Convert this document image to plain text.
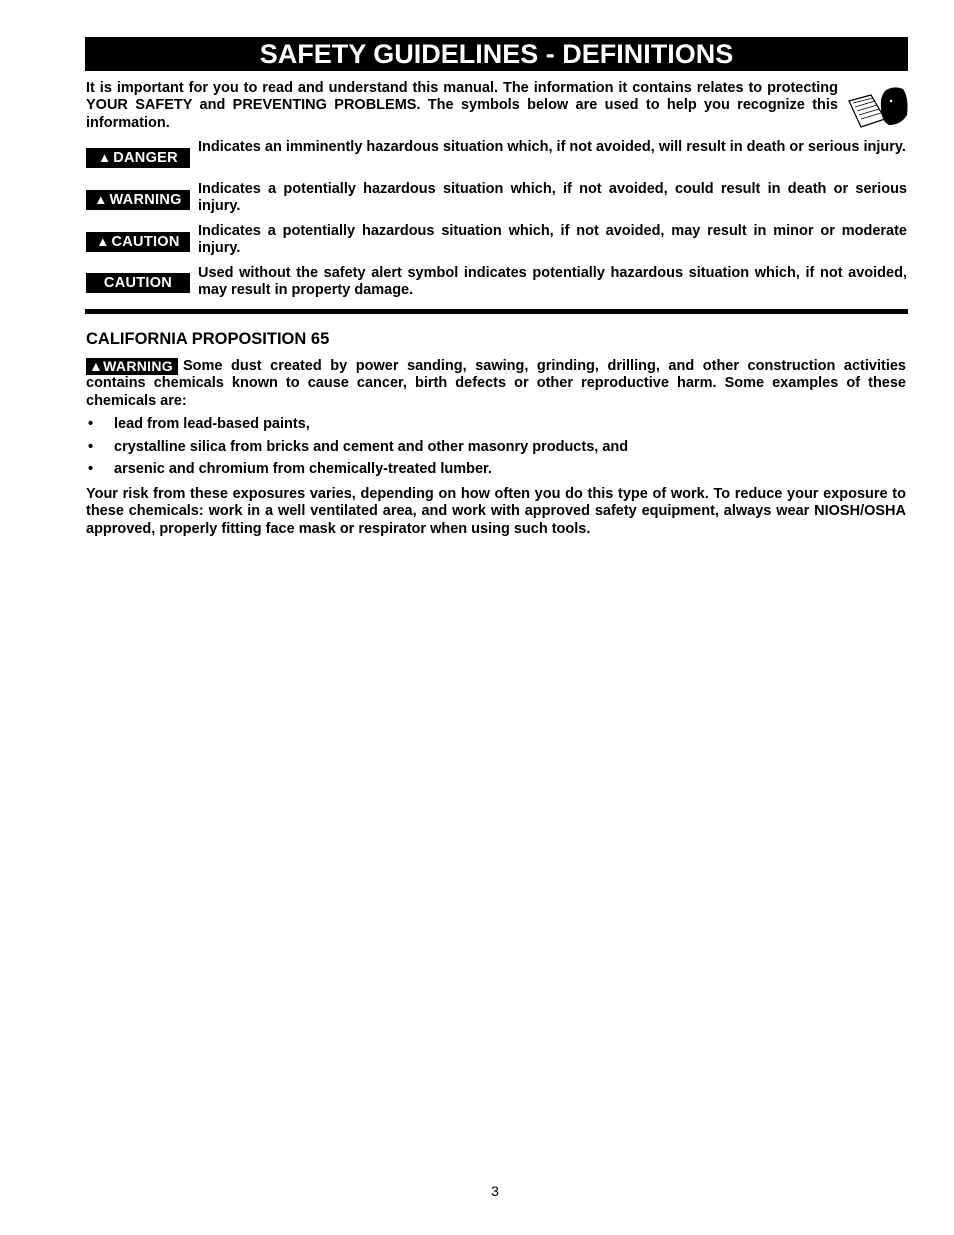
SAFETY GUIDELINES - DEFINITIONS
It is important for you to read and understand this manual. The information it contains relates to protecting YOUR SAFETY and PREVENTING PROBLEMS. The symbols below are used to help you recognize this information.
▲ DANGER
Indicates an imminently hazardous situation which, if not avoided, will result in death or serious injury.
▲ WARNING
Indicates a potentially hazardous situation which, if not avoided, could result in death or serious injury.
▲ CAUTION
Indicates a potentially hazardous situation which, if not avoided, may result in minor or moderate injury.
CAUTION
Used without the safety alert symbol indicates potentially hazardous situation which, if not avoided, may result in property damage.
CALIFORNIA PROPOSITION 65
▲WARNING Some dust created by power sanding, sawing, grinding, drilling, and other construction activities contains chemicals known to cause cancer, birth defects or other reproductive harm. Some examples of these chemicals are:
• lead from lead-based paints,
• crystalline silica from bricks and cement and other masonry products, and
• arsenic and chromium from chemically-treated lumber.
Your risk from these exposures varies, depending on how often you do this type of work. To reduce your exposure to these chemicals: work in a well ventilated area, and work with approved safety equipment, always wear NIOSH/OSHA approved, properly fitting face mask or respirator when using such tools.
3
